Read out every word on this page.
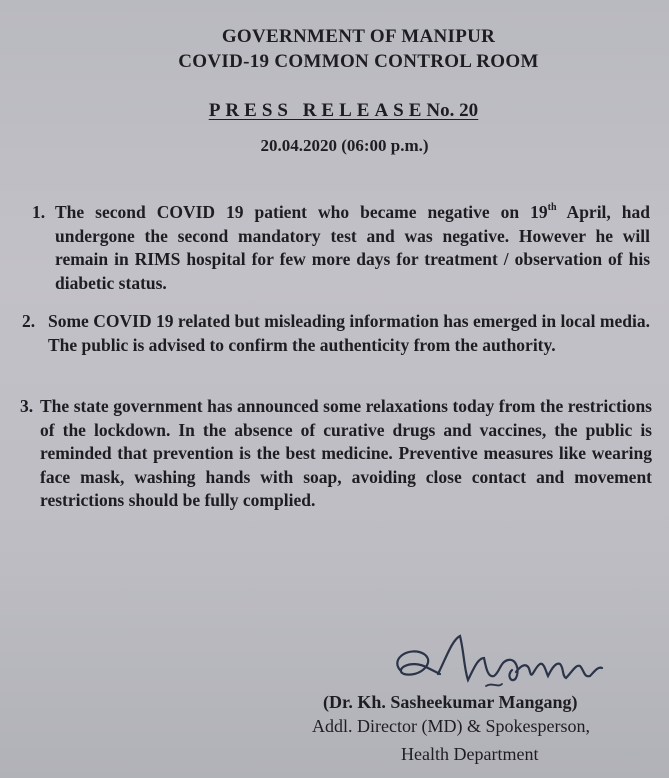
GOVERNMENT OF MANIPUR
COVID-19 COMMON CONTROL ROOM
PRESS RELEASENo. 20
20.04.2020 (06:00 p.m.)
1. The second COVID 19 patient who became negative on 19th April, had undergone the second mandatory test and was negative. However he will remain in RIMS hospital for few more days for treatment / observation of his diabetic status.

2. Some COVID 19 related but misleading information has emerged in local media. The public is advised to confirm the authenticity from the authority.

3. The state government has announced some relaxations today from the restrictions of the lockdown. In the absence of curative drugs and vaccines, the public is reminded that prevention is the best medicine. Preventive measures like wearing face mask, washing hands with soap, avoiding close contact and movement restrictions should be fully complied.

(Dr. Kh. Sasheekumar Mangang)
Addl. Director (MD) & Spokesperson,
Health Department
